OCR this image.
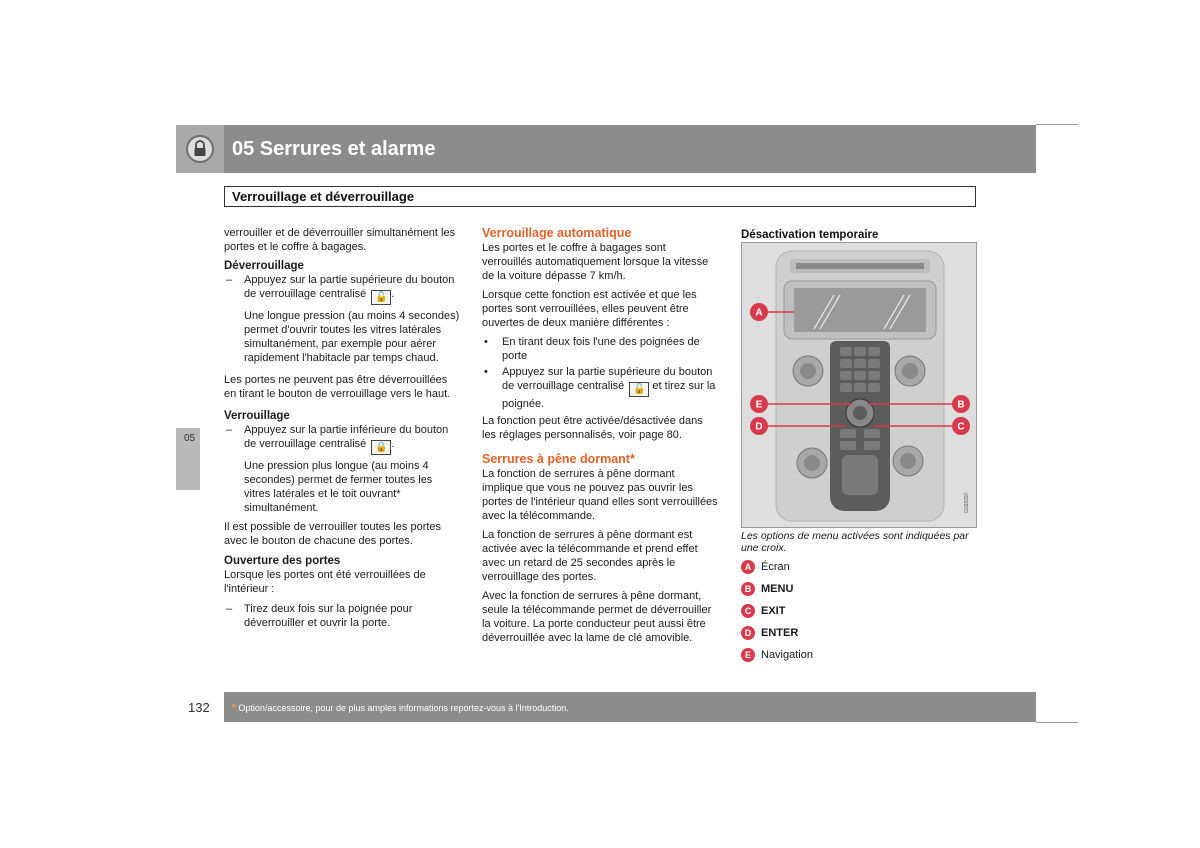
05 Serrures et alarme
Verrouillage et déverrouillage
05

verrouiller et de déverrouiller simultanément les portes et le coffre à bagages.

Déverrouillage
– Appuyez sur la partie supérieure du bouton de verrouillage centralisé 🔓 .

Une longue pression (au moins 4 secondes) permet d'ouvrir toutes les vitres latérales simultanément, par exemple pour aérer rapidement l'habitacle par temps chaud.

Les portes ne peuvent pas être déverrouillées en tirant le bouton de verrouillage vers le haut.

Verrouillage
– Appuyez sur la partie inférieure du bouton de verrouillage centralisé 🔒 .

Une pression plus longue (au moins 4 secondes) permet de fermer toutes les vitres latérales et le toit ouvrant* simultanément.

Il est possible de verrouiller toutes les portes avec le bouton de chacune des portes.

Ouverture des portes

Lorsque les portes ont été verrouillées de l'intérieur :

– Tirez deux fois sur la poignée pour déverrouiller et ouvrir la porte.
Verrouillage automatique

Les portes et le coffre à bagages sont verrouillés automatiquement lorsque la vitesse de la voiture dépasse 7 km/h.

Lorsque cette fonction est activée et que les portes sont verrouillées, elles peuvent être ouvertes de deux manière différentes :

• En tirant deux fois l'une des poignées de porte
• Appuyez sur la partie supérieure du bouton de verrouillage centralisé 🔓 et tirez sur la poignée.

La fonction peut être activée/désactivée dans les réglages personnalisés, voir page 80.

Serrures à pêne dormant*

La fonction de serrures à pêne dormant implique que vous ne pouvez pas ouvrir les portes de l'intérieur quand elles sont verrouillées avec la télécommande.

La fonction de serrures à pêne dormant est activée avec la télécommande et prend effet avec un retard de 25 secondes après le verrouillage des portes.

Avec la fonction de serrures à pêne dormant, seule la télécommande permet de déverrouiller la voiture. La porte conducteur peut aussi être déverrouillée avec la lame de clé amovible.

Désactivation temporaire
A
E
D
B
C
G020297
Les options de menu activées sont indiquées par une croix.
A Écran
B MENU
C EXIT
D ENTER
E Navigation
132 * Option/accessoire, pour de plus amples informations reportez-vous à l'Introduction.
